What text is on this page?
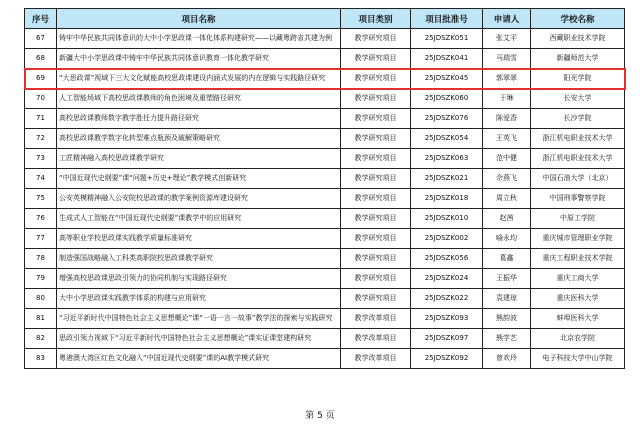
序号	项目名称	项目类别	项目批准号	申请人	学校名称
67	铸牢中华民族共同体意识的大中小学思政课一体化体系构建研究——以藏粤跨省共建为例	教学研究项目	25JDSZK051	张艾平	西藏职业技术学院
68	新疆大中小学思政课中铸牢中华民族共同体意识教育一体化教学研究	教学研究项目	25JDSZK041	马瑞雪	新疆师范大学
69	“大思政课”视域下三大文化赋能高校思政课建设内涵式发展的内在逻辑与实践路径研究	教学研究项目	25JDSZK045	郭翠翠	阳光学院
70	人工智能场域下高校思政课教师的角色困境及重塑路径研究	教学研究项目	25JDSZK060	于琳	长安大学
71	高校思政课教师数字教学胜任力提升路径研究	教学研究项目	25JDSZK076	陈爱香	长沙学院
72	高校思政课教学数字化转型难点瓶颈及破解策略研究	教学研究项目	25JDSZK054	王英飞	浙江机电职业技术大学
73	工匠精神融入高校思政课教学研究	教学研究项目	25JDSZK063	范中健	浙江机电职业技术大学
74	“中国近现代史纲要”课“问题+历史+理论”教学模式创新研究	教学研究项目	25JDSZK021	佘燕飞	中国石油大学（北京）
75	公安英模精神融入公安院校思政课的教学案例资源库建设研究	教学研究项目	25JDSZK018	周立秋	中国刑事警察学院
76	生成式人工智能在“中国近现代史纲要”课教学中的应用研究	教学研究项目	25JDSZK010	赵茜	中原工学院
77	高等职业学校思政课实践教学质量标准研究	教学研究项目	25JDSZK002	喻永均	重庆城市管理职业学院
78	制造强国战略融入工科类高职院校思政课教学研究	教学研究项目	25JDSZK056	葛鑫	重庆工程职业技术学院
79	增强高校思政课思政引领力的协同机制与实现路径研究	教学研究项目	25JDSZK024	王振华	重庆工商大学
80	大中小学思政课实践教学体系的构建与应用研究	教学研究项目	25JDSZK022	袁建琼	重庆医科大学
81	“习近平新时代中国特色社会主义思想概论”课“一语一言一故事”教学法的探索与实践研究	教学改革项目	25JDSZK093	熊韵波	蚌埠医科大学
82	思政引领力视域下“习近平新时代中国特色社会主义思想概论”课实证课堂建构研究	教学改革项目	25JDSZK097	熊学艺	北京农学院
83	粤港澳大湾区红色文化融入“中国近现代史纲要”课的AI教学模式研究	教学改革项目	25JDSZK092	曾欢玲	电子科技大学中山学院
第 5 页
